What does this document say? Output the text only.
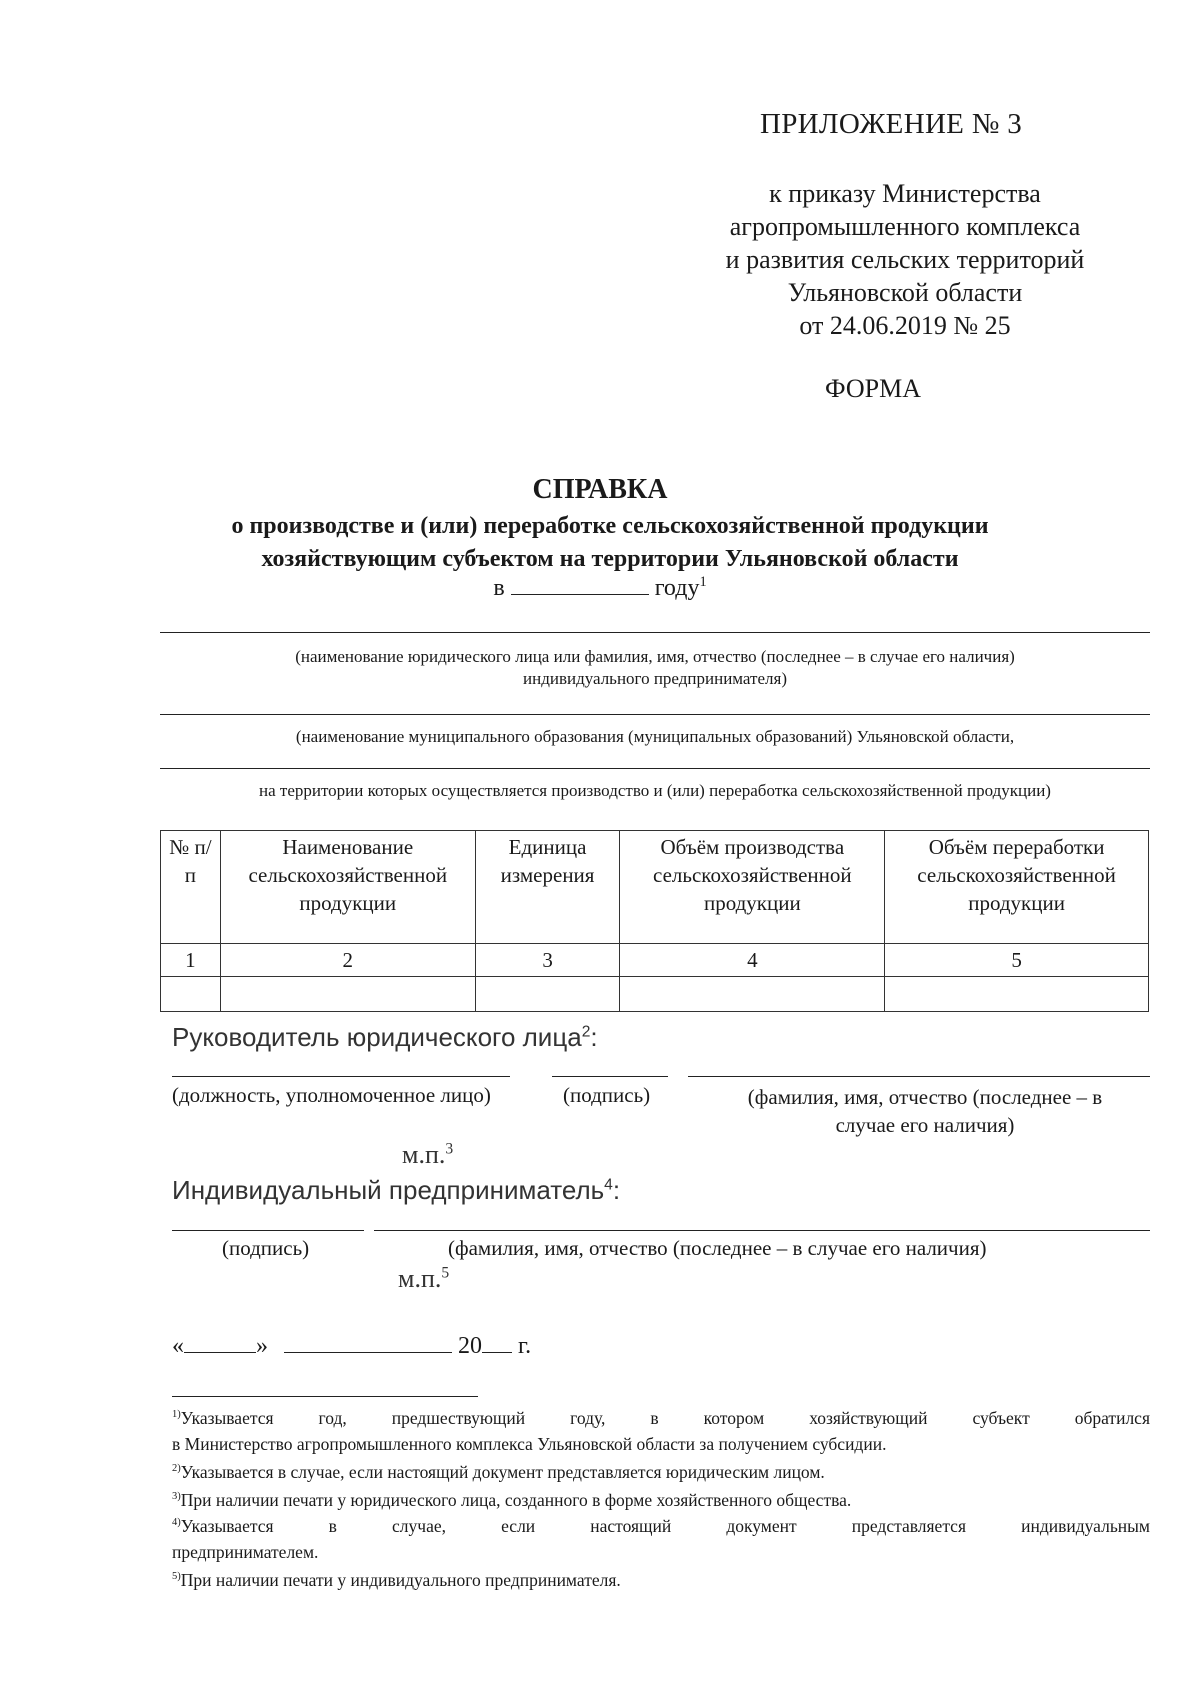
ПРИЛОЖЕНИЕ № 3
к приказу Министерства
агропромышленного комплекса
и развития сельских территорий
Ульяновской области
от 24.06.2019 № 25
ФОРМА
СПРАВКА
о производстве и (или) переработке сельскохозяйственной продукции
хозяйствующим субъектом на территории Ульяновской области
в	году$^1$
(наименование юридического лица или фамилия, имя, отчество (последнее – в случае его наличия)
индивидуального предпринимателя)
(наименование муниципального образования (муниципальных образований) Ульяновской области,
на территории которых осуществляется производство и (или) переработка сельскохозяйственной продукции)
№ п/п	Наименование сельскохозяйственной продукции	Единица измерения	Объём производства сельскохозяйственной продукции	Объём переработки сельскохозяйственной продукции
1	2	3	4	5

Руководитель юридического лица$^2$:
(должность, уполномоченное лицо)	(подпись)	(фамилия, имя, отчество (последнее – в
случае его наличия)
м.п.$^3$
Индивидуальный предприниматель$^4$:
(подпись)	(фамилия, имя, отчество (последнее – в случае его наличия)
м.п.$^5$
«	»	20 г.
$^{1)}$Указывается год, предшествующий году, в котором хозяйствующий субъект обратился
в Министерство агропромышленного комплекса Ульяновской области за получением субсидии.
$^{2)}$Указывается в случае, если настоящий документ представляется юридическим лицом.
$^{3)}$При наличии печати у юридического лица, созданного в форме хозяйственного общества.
$^{4)}$Указывается в случае, если настоящий документ представляется индивидуальным
предпринимателем.
$^{5)}$При наличии печати у индивидуального предпринимателя.
